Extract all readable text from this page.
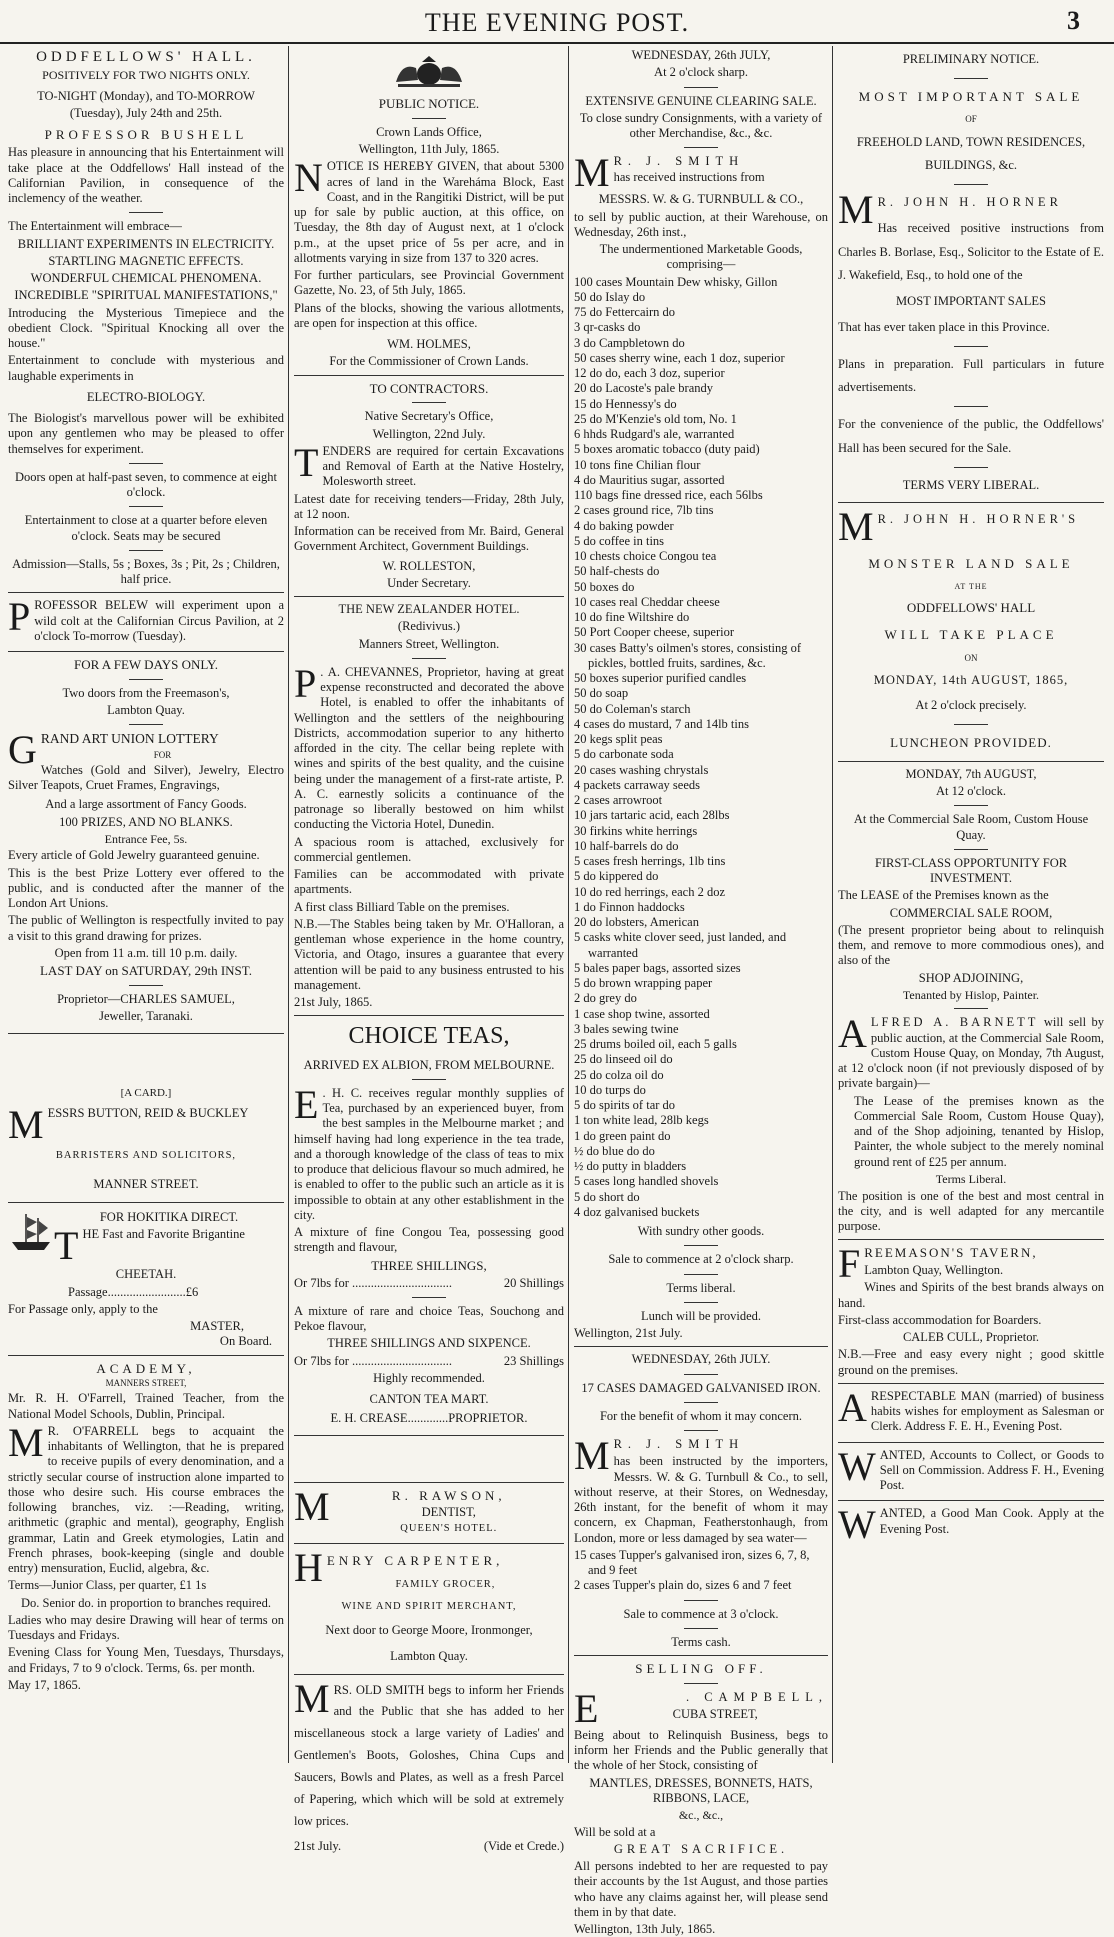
THE EVENING POST.	3
ODDFELLOWS' HALL.
POSITIVELY FOR TWO NIGHTS ONLY.
TO-NIGHT (Monday), and TO-MORROW
(Tuesday), July 24th and 25th.
PROFESSOR BUSHELL

Has pleasure in announcing that his Entertainment will take place at the Oddfellows' Hall instead of the Californian Pavilion, in consequence of the inclemency of the weather.

The Entertainment will embrace—

BRILLIANT EXPERIMENTS IN ELECTRICITY.
STARTLING MAGNETIC EFFECTS.
WONDERFUL CHEMICAL PHENOMENA.
INCREDIBLE "SPIRITUAL MANIFESTATIONS,"

Introducing the Mysterious Timepiece and the obedient Clock. "Spiritual Knocking all over the house."

Entertainment to conclude with mysterious and laughable experiments in

ELECTRO-BIOLOGY.

The Biologist's marvellous power will be exhibited upon any gentlemen who may be pleased to offer themselves for experiment.

Doors open at half-past seven, to commence at eight o'clock.

Entertainment to close at a quarter before eleven o'clock. Seats may be secured

Admission—Stalls, 5s ; Boxes, 3s ; Pit, 2s ; Children, half price.

PROFESSOR BELEW will experiment upon a wild colt at the Californian Circus Pavilion, at 2 o'clock To-morrow (Tuesday).

FOR A FEW DAYS ONLY.
Two doors from the Freemason's,
Lambton Quay.
GRAND ART UNION LOTTERY
FOR

Watches (Gold and Silver), Jewelry, Electro Silver Teapots, Cruet Frames, Engravings,

And a large assortment of Fancy Goods.
100 PRIZES, AND NO BLANKS.
Entrance Fee, 5s.

Every article of Gold Jewelry guaranteed genuine.

This is the best Prize Lottery ever offered to the public, and is conducted after the manner of the London Art Unions.

The public of Wellington is respectfully invited to pay a visit to this grand drawing for prizes.

Open from 11 a.m. till 10 p.m. daily.
LAST DAY on SATURDAY, 29th INST.
Proprietor—CHARLES SAMUEL,
Jeweller, Taranaki.
[A CARD.]
MESSRS BUTTON, REID & BUCKLEY
BARRISTERS AND SOLICITORS,
MANNER STREET.
FOR HOKITIKA DIRECT.
THE Fast and Favorite Brigantine
CHEETAH.
Passage.........................£6

For Passage only, apply to the

MASTER,
On Board.
ACADEMY,
MANNERS STREET,

Mr. R. H. O'Farrell, Trained Teacher, from the National Model Schools, Dublin, Principal.

M R. O'FARRELL begs to acquaint the inhabitants of Wellington, that he is prepared to receive pupils of every denomination, and a strictly secular course of instruction alone imparted to those who desire such. His course embraces the following branches, viz. :—Reading, writing, arithmetic (graphic and mental), geography, English grammar, Latin and Greek etymologies, Latin and French phrases, book-keeping (single and double entry) mensuration, Euclid, algebra, &c.

Terms—Junior Class, per quarter, £1 1s

Do. Senior do. in proportion to branches required.

Ladies who may desire Drawing will hear of terms on Tuesdays and Fridays.

Evening Class for Young Men, Tuesdays, Thursdays, and Fridays, 7 to 9 o'clock. Terms, 6s. per month.

May 17, 1865.

PUBLIC NOTICE.
Crown Lands Office,
Wellington, 11th July, 1865.

NOTICE IS HEREBY GIVEN, that about 5300 acres of land in the Wareháma Block, East Coast, and in the Rangitiki District, will be put up for sale by public auction, at this office, on Tuesday, the 8th day of August next, at 1 o'clock p.m., at the upset price of 5s per acre, and in allotments varying in size from 137 to 320 acres.

For further particulars, see Provincial Government Gazette, No. 23, of 5th July, 1865.

Plans of the blocks, showing the various allotments, are open for inspection at this office.

WM. HOLMES,
For the Commissioner of Crown Lands.
TO CONTRACTORS.
Native Secretary's Office,
Wellington, 22nd July.

TENDERS are required for certain Excavations and Removal of Earth at the Native Hostelry, Molesworth street.

Latest date for receiving tenders—Friday, 28th July, at 12 noon.

Information can be received from Mr. Baird, General Government Architect, Government Buildings.

W. ROLLESTON,
Under Secretary.
THE NEW ZEALANDER HOTEL.
(Redivivus.)
Manners Street, Wellington.

P . A. CHEVANNES, Proprietor, having at great expense reconstructed and decorated the above Hotel, is enabled to offer the inhabitants of Wellington and the settlers of the neighbouring Districts, accommodation superior to any hitherto afforded in the city. The cellar being replete with wines and spirits of the best quality, and the cuisine being under the management of a first-rate artiste, P. A. C. earnestly solicits a continuance of the patronage so liberally bestowed on him whilst conducting the Victoria Hotel, Dunedin.

A spacious room is attached, exclusively for commercial gentlemen.

Families can be accommodated with private apartments.

A first class Billiard Table on the premises.

N.B.—The Stables being taken by Mr. O'Halloran, a gentleman whose experience in the home country, Victoria, and Otago, insures a guarantee that every attention will be paid to any business entrusted to his management.

21st July, 1865.

CHOICE TEAS,
ARRIVED EX ALBION, FROM MELBOURNE.

E . H. C. receives regular monthly supplies of Tea, purchased by an experienced buyer, from the best samples in the Melbourne market ; and himself having had long experience in the tea trade, and a thorough knowledge of the class of teas to mix to produce that delicious flavour so much admired, he is enabled to offer to the public such an article as it is impossible to obtain at any other establishment in the city.

A mixture of fine Congou Tea, possessing good strength and flavour,

THREE SHILLINGS,
Or 7lbs for ................................	20 Shillings

A mixture of rare and choice Teas, Souchong and Pekoe flavour,

THREE SHILLINGS AND SIXPENCE.
Or 7lbs for ................................	23 Shillings
Highly recommended.
CANTON TEA MART.
E. H. CREASE.............PROPRIETOR.
M	R. RAWSON,
DENTIST,
QUEEN'S HOTEL.
HENRY CARPENTER,
FAMILY GROCER,
WINE AND SPIRIT MERCHANT,
Next door to George Moore, Ironmonger,
Lambton Quay.

MRS. OLD SMITH begs to inform her Friends and the Public that she has added to her miscellaneous stock a large variety of Ladies' and Gentlemen's Boots, Goloshes, China Cups and Saucers, Bowls and Plates, as well as a fresh Parcel of Papering, which which will be sold at extremely low prices.

21st July.	(Vide et Crede.)
WEDNESDAY, 26th JULY,
At 2 o'clock sharp.
EXTENSIVE GENUINE CLEARING SALE.

To close sundry Consignments, with a variety of other Merchandise, &c., &c.

M R. J. SMITH
has received instructions from
MESSRS. W. & G. TURNBULL & CO.,

to sell by public auction, at their Warehouse, on Wednesday, 26th inst.,

The undermentioned Marketable Goods, comprising—

100 cases Mountain Dew whisky, Gillon
50 do Islay do
75 do Fettercairn do
3 qr-casks do
3 do Campbletown do
50 cases sherry wine, each 1 doz, superior
12 do do, each 3 doz, superior
20 do Lacoste's pale brandy
15 do Hennessy's do
25 do M'Kenzie's old tom, No. 1
6 hhds Rudgard's ale, warranted
5 boxes aromatic tobacco (duty paid)
10 tons fine Chilian flour
4 do Mauritius sugar, assorted
110 bags fine dressed rice, each 56lbs
2 cases ground rice, 7lb tins
4 do baking powder
5 do coffee in tins
10 chests choice Congou tea
50 half-chests do
50 boxes do
10 cases real Cheddar cheese
10 do fine Wiltshire do
50 Port Cooper cheese, superior
30 cases Batty's oilmen's stores, consisting of pickles, bottled fruits, sardines, &c.
50 boxes superior purified candles
50 do soap
50 do Coleman's starch
4 cases do mustard, 7 and 14lb tins
20 kegs split peas
5 do carbonate soda
20 cases washing chrystals
4 packets carraway seeds
2 cases arrowroot
10 jars tartaric acid, each 28lbs
30 firkins white herrings
10 half-barrels do do
5 cases fresh herrings, 1lb tins
5 do kippered do
10 do red herrings, each 2 doz
1 do Finnon haddocks
20 do lobsters, American
5 casks white clover seed, just landed, and warranted
5 bales paper bags, assorted sizes
5 do brown wrapping paper
2 do grey do
1 case shop twine, assorted
3 bales sewing twine
25 drums boiled oil, each 5 galls
25 do linseed oil do
25 do colza oil do
10 do turps do
5 do spirits of tar do
1 ton white lead, 28lb kegs
1 do green paint do
½ do blue do do
½ do putty in bladders
5 cases long handled shovels
5 do short do
4 doz galvanised buckets
With sundry other goods.
Sale to commence at 2 o'clock sharp.
Terms liberal.
Lunch will be provided.
Wellington, 21st July.
WEDNESDAY, 26th JULY.
17 CASES DAMAGED GALVANISED IRON.
For the benefit of whom it may concern.
M R. J. SMITH

has been instructed by the importers, Messrs. W. & G. Turnbull & Co., to sell, without reserve, at their Stores, on Wednesday, 26th instant, for the benefit of whom it may concern, ex Chapman, Featherstonhaugh, from London, more or less damaged by sea water—

15 cases Tupper's galvanised iron, sizes 6, 7, 8, and 9 feet
2 cases Tupper's plain do, sizes 6 and 7 feet
Sale to commence at 3 o'clock.
Terms cash.
SELLING OFF.
E	. CAMPBELL,
CUBA STREET,

Being about to Relinquish Business, begs to inform her Friends and the Public generally that the whole of her Stock, consisting of

MANTLES, DRESSES, BONNETS, HATS, RIBBONS, LACE,
&c., &c.,
Will be sold at a
GREAT SACRIFICE.

All persons indebted to her are requested to pay their accounts by the 1st August, and those parties who have any claims against her, will please send them in by that date.

Wellington, 13th July, 1865.

PRELIMINARY NOTICE.
MOST IMPORTANT SALE
OF

FREEHOLD LAND, TOWN RESIDENCES, BUILDINGS, &c.

M R. JOHN H. HORNER

Has received positive instructions from Charles B. Borlase, Esq., Solicitor to the Estate of E. J. Wakefield, Esq., to hold one of the

MOST IMPORTANT SALES

That has ever taken place in this Province.

Plans in preparation. Full particulars in future advertisements.

For the convenience of the public, the Oddfellows' Hall has been secured for the Sale.

TERMS VERY LIBERAL.
M R. JOHN H. HORNER'S
MONSTER LAND SALE
AT THE
ODDFELLOWS' HALL
WILL TAKE PLACE
ON
MONDAY, 14th AUGUST, 1865,
At 2 o'clock precisely.
LUNCHEON PROVIDED.
MONDAY, 7th AUGUST,
At 12 o'clock.

At the Commercial Sale Room, Custom House Quay.

FIRST-CLASS OPPORTUNITY FOR INVESTMENT.

The LEASE of the Premises known as the

COMMERCIAL SALE ROOM,

(The present proprietor being about to relinquish them, and remove to more commodious ones), and also of the

SHOP ADJOINING,
Tenanted by Hislop, Painter.

ALFRED A. BARNETT will sell by public auction, at the Commercial Sale Room, Custom House Quay, on Monday, 7th August, at 12 o'clock noon (if not previously disposed of by private bargain)—

The Lease of the premises known as the Commercial Sale Room, Custom House Quay), and of the Shop adjoining, tenanted by Hislop, Painter, the whole subject to the merely nominal ground rent of £25 per annum.

Terms Liberal.

The position is one of the best and most central in the city, and is well adapted for any mercantile purpose.

FREEMASON'S TAVERN,

Lambton Quay, Wellington.

Wines and Spirits of the best brands always on hand.

First-class accommodation for Boarders.

CALEB CULL, Proprietor.

N.B.—Free and easy every night ; good skittle ground on the premises.

ARESPECTABLE MAN (married) of business habits wishes for employment as Salesman or Clerk. Address F. E. H., Evening Post.

WANTED, Accounts to Collect, or Goods to Sell on Commission. Address F. H., Evening Post.

WANTED, a Good Man Cook. Apply at the Evening Post.
